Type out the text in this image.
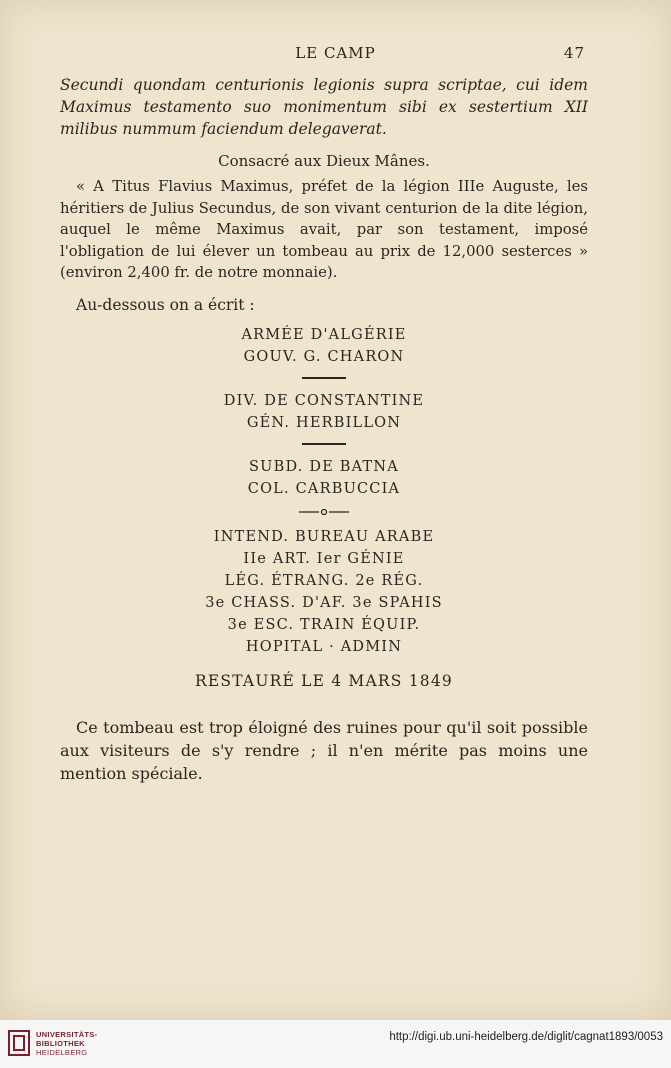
LE CAMP	47

Secundi quondam centurionis legionis supra scriptae, cui idem Maximus testamento suo monimentum sibi ex sestertium XII milibus nummum faciendum delegaverat.

Consacré aux Dieux Mânes.

« A Titus Flavius Maximus, préfet de la légion IIIe Auguste, les héritiers de Julius Secundus, de son vivant centurion de la dite légion, auquel le même Maximus avait, par son testament, imposé l'obligation de lui élever un tombeau au prix de 12,000 sesterces » (environ 2,400 fr. de notre monnaie).

Au-dessous on a écrit :

ARMÉE D'ALGÉRIE
GOUV. G. CHARON
DIV. DE CONSTANTINE
GÉN. HERBILLON
SUBD. DE BATNA
COL. CARBUCCIA
INTEND. BUREAU ARABE
IIe ART. Ier GÉNIE
LÉG. ÉTRANG. 2e RÉG.
3e CHASS. D'AF. 3e SPAHIS
3e ESC. TRAIN ÉQUIP.
HOPITAL · ADMIN

RESTAURÉ LE 4 MARS 1849

Ce tombeau est trop éloigné des ruines pour qu'il soit possible aux visiteurs de s'y rendre ; il n'en mérite pas moins une mention spéciale.

UNIVERSITÄTS-
BIBLIOTHEK
HEIDELBERG
http://digi.ub.uni-heidelberg.de/diglit/cagnat1893/0053
